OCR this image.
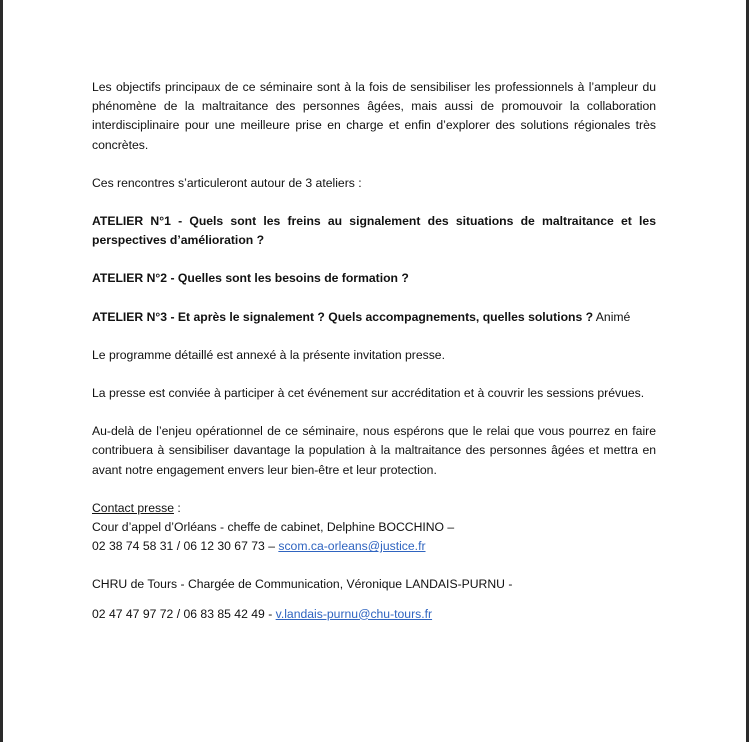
Les objectifs principaux de ce séminaire sont à la fois de sensibiliser les professionnels à l’ampleur du phénomène de la maltraitance des personnes âgées, mais aussi de promouvoir la collaboration interdisciplinaire pour une meilleure prise en charge et enfin d’explorer des solutions régionales très concrètes.

Ces rencontres s’articuleront autour de 3 ateliers :

ATELIER N°1 - Quels sont les freins au signalement des situations de maltraitance et les perspectives d’amélioration ?

ATELIER N°2 - Quelles sont les besoins de formation ?

ATELIER N°3 - Et après le signalement ? Quels accompagnements, quelles solutions ? Animé

Le programme détaillé est annexé à la présente invitation presse.

La presse est conviée à participer à cet événement sur accréditation et à couvrir les sessions prévues.

Au-delà de l’enjeu opérationnel de ce séminaire, nous espérons que le relai que vous pourrez en faire contribuera à sensibiliser davantage la population à la maltraitance des personnes âgées et mettra en avant notre engagement envers leur bien-être et leur protection.

Contact presse :
Cour d’appel d’Orléans - cheffe de cabinet, Delphine BOCCHINO –
02 38 74 58 31 / 06 12 30 67 73 – scom.ca-orleans@justice.fr

CHRU de Tours - Chargée de Communication, Véronique LANDAIS-PURNU -

02 47 47 97 72 / 06 83 85 42 49 - v.landais-purnu@chu-tours.fr
